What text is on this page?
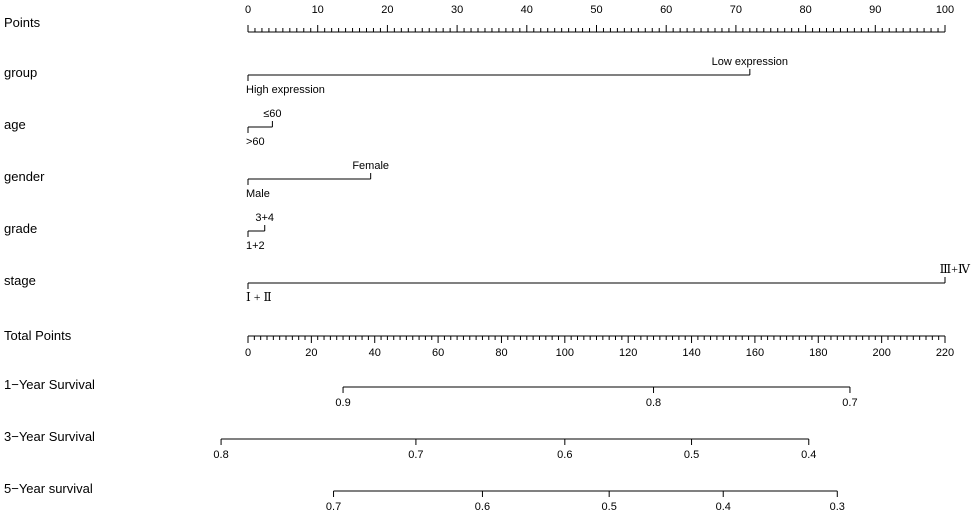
Points
0	10	20	30	40	50	60	70	80	90	100
group
High expression
Low expression
age
>60
≤60
gender
Male
Female
grade
1+2
3+4
stage
Ⅰ + Ⅱ
Ⅲ+Ⅳ
Total Points
0	20	40	60	80	100	120	140	160	180	200	220
1−Year Survival
0.9	0.8	0.7
3−Year Survival
0.8	0.7	0.6	0.5	0.4
5−Year survival
0.7	0.6	0.5	0.4	0.3
